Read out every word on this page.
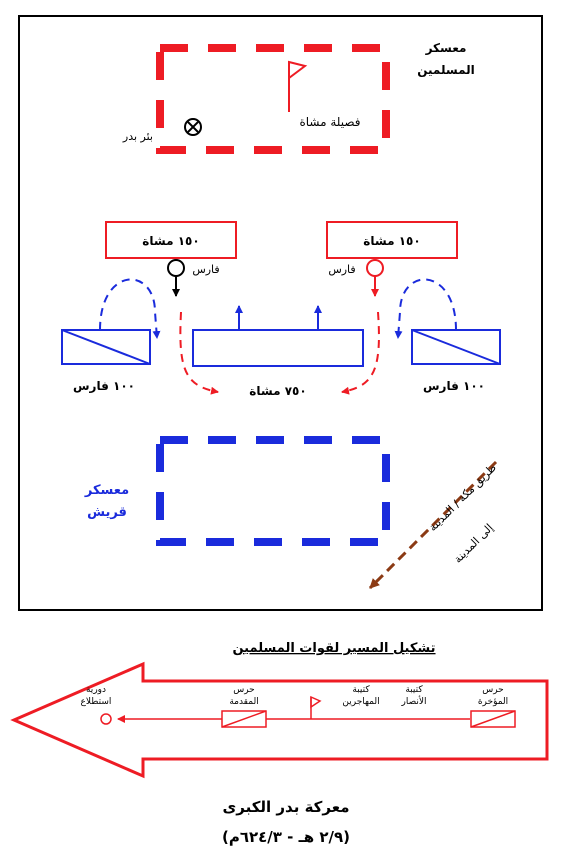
فصيلة مشاة
بئر بدر
معسكر
المسلمين
١٥٠ مشاة	١٥٠ مشاة
فارس	فارس
١٠٠ فارس	١٠٠ فارس
٧٥٠ مشاة
معسكر
قريش	طريق مكة / المدينة
إلى المدينة
تشكيل المسير لقوات المسلمين
حرس
المؤخرة
كتيبة
الأنصار
كتيبة
المهاجرين
حرس
المقدمة
دورية
استطلاع
معركة بدر الكبرى
(٢/٩ هـ - ٦٢٤/٣م)
